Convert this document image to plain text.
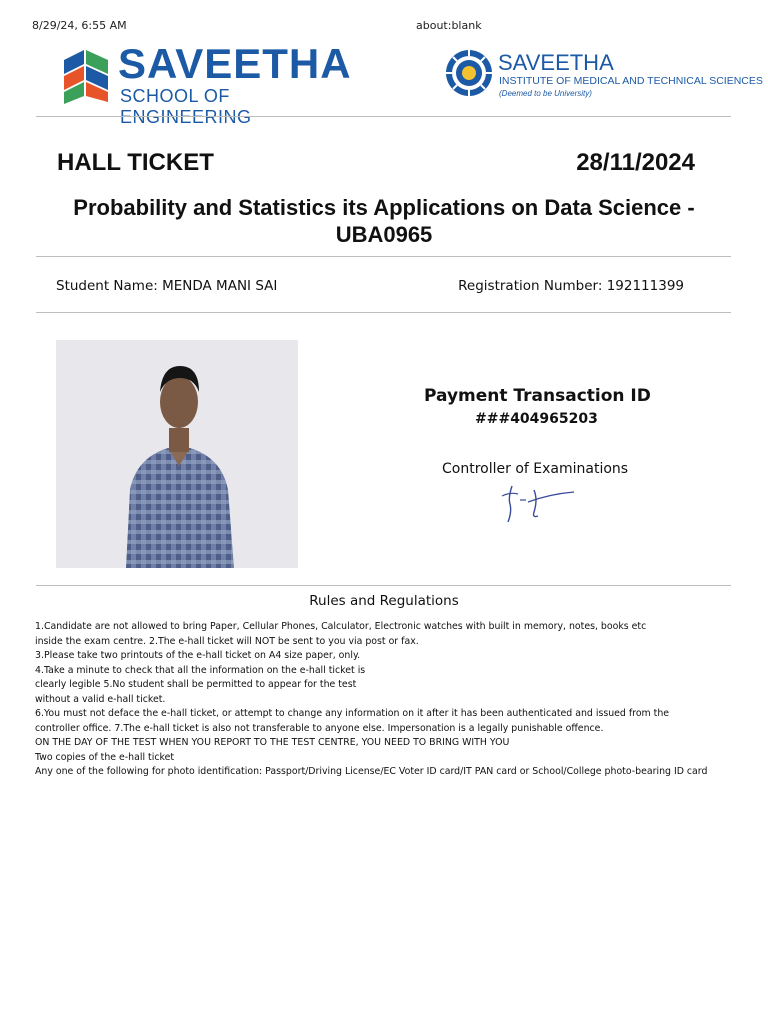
8/29/24, 6:55 AM	about:blank
SAVEETHA
SCHOOL OF ENGINEERING
SAVEETHA
INSTITUTE OF MEDICAL AND TECHNICAL SCIENCES
(Deemed to be University)
HALL TICKET	28/11/2024
Probability and Statistics its Applications on Data Science -
UBA0965
Student Name: MENDA MANI SAI	Registration Number: 192111399
Payment Transaction ID
###404965203
Controller of Examinations
Rules and Regulations
1.Candidate are not allowed to bring Paper, Cellular Phones, Calculator, Electronic watches with built in memory, notes, books etc
inside the exam centre. 2.The e-hall ticket will NOT be sent to you via post or fax.
3.Please take two printouts of the e-hall ticket on A4 size paper, only.
4.Take a minute to check that all the information on the e-hall ticket is
clearly legible 5.No student shall be permitted to appear for the test
without a valid e-hall ticket.
6.You must not deface the e-hall ticket, or attempt to change any information on it after it has been authenticated and issued from the
controller office. 7.The e-hall ticket is also not transferable to anyone else. Impersonation is a legally punishable offence.
ON THE DAY OF THE TEST WHEN YOU REPORT TO THE TEST CENTRE, YOU NEED TO BRING WITH YOU
Two copies of the e-hall ticket
Any one of the following for photo identification: Passport/Driving License/EC Voter ID card/IT PAN card or School/College photo-bearing ID card
